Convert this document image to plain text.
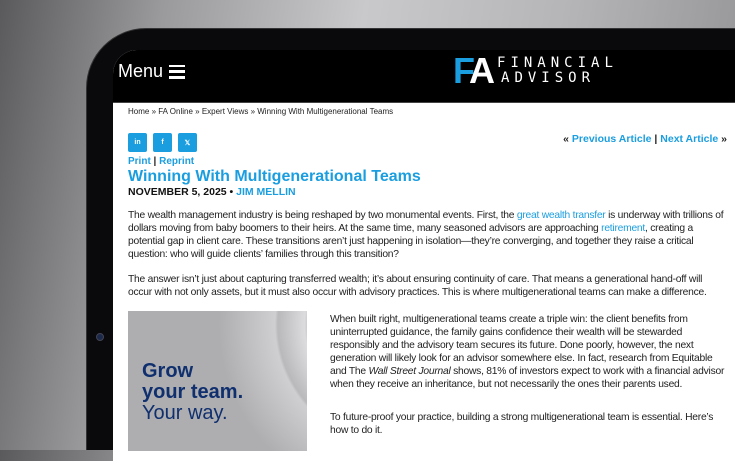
Menu	FA FINANCIAL
ADVISOR
Home » FA Online » Expert Views » Winning With Multigenerational Teams
in	f	𝕏	« Previous Article | Next Article »
Print | Reprint
Winning With Multigenerational Teams
NOVEMBER 5, 2025 • JIM MELLIN
The wealth management industry is being reshaped by two monumental events. First, the great wealth transfer is underway with trillions of dollars moving from baby boomers to their heirs. At the same time, many seasoned advisors are approaching retirement, creating a potential gap in client care. These transitions aren’t just happening in isolation—they’re converging, and together they raise a critical question: who will guide clients’ families through this transition?
The answer isn’t just about capturing transferred wealth; it’s about ensuring continuity of care. That means a generational hand-off will occur with not only assets, but it must also occur with advisory practices. This is where multigenerational teams can make a difference.
Grow
your team.
Your way.
When built right, multigenerational teams create a triple win: the client benefits from uninterrupted guidance, the family gains confidence their wealth will be stewarded responsibly and the advisory team secures its future. Done poorly, however, the next generation will likely look for an advisor somewhere else. In fact, research from Equitable and The Wall Street Journal shows, 81% of investors expect to work with a financial advisor when they receive an inheritance, but not necessarily the ones their parents used.
To future-proof your practice, building a strong multigenerational team is essential. Here’s how to do it.
